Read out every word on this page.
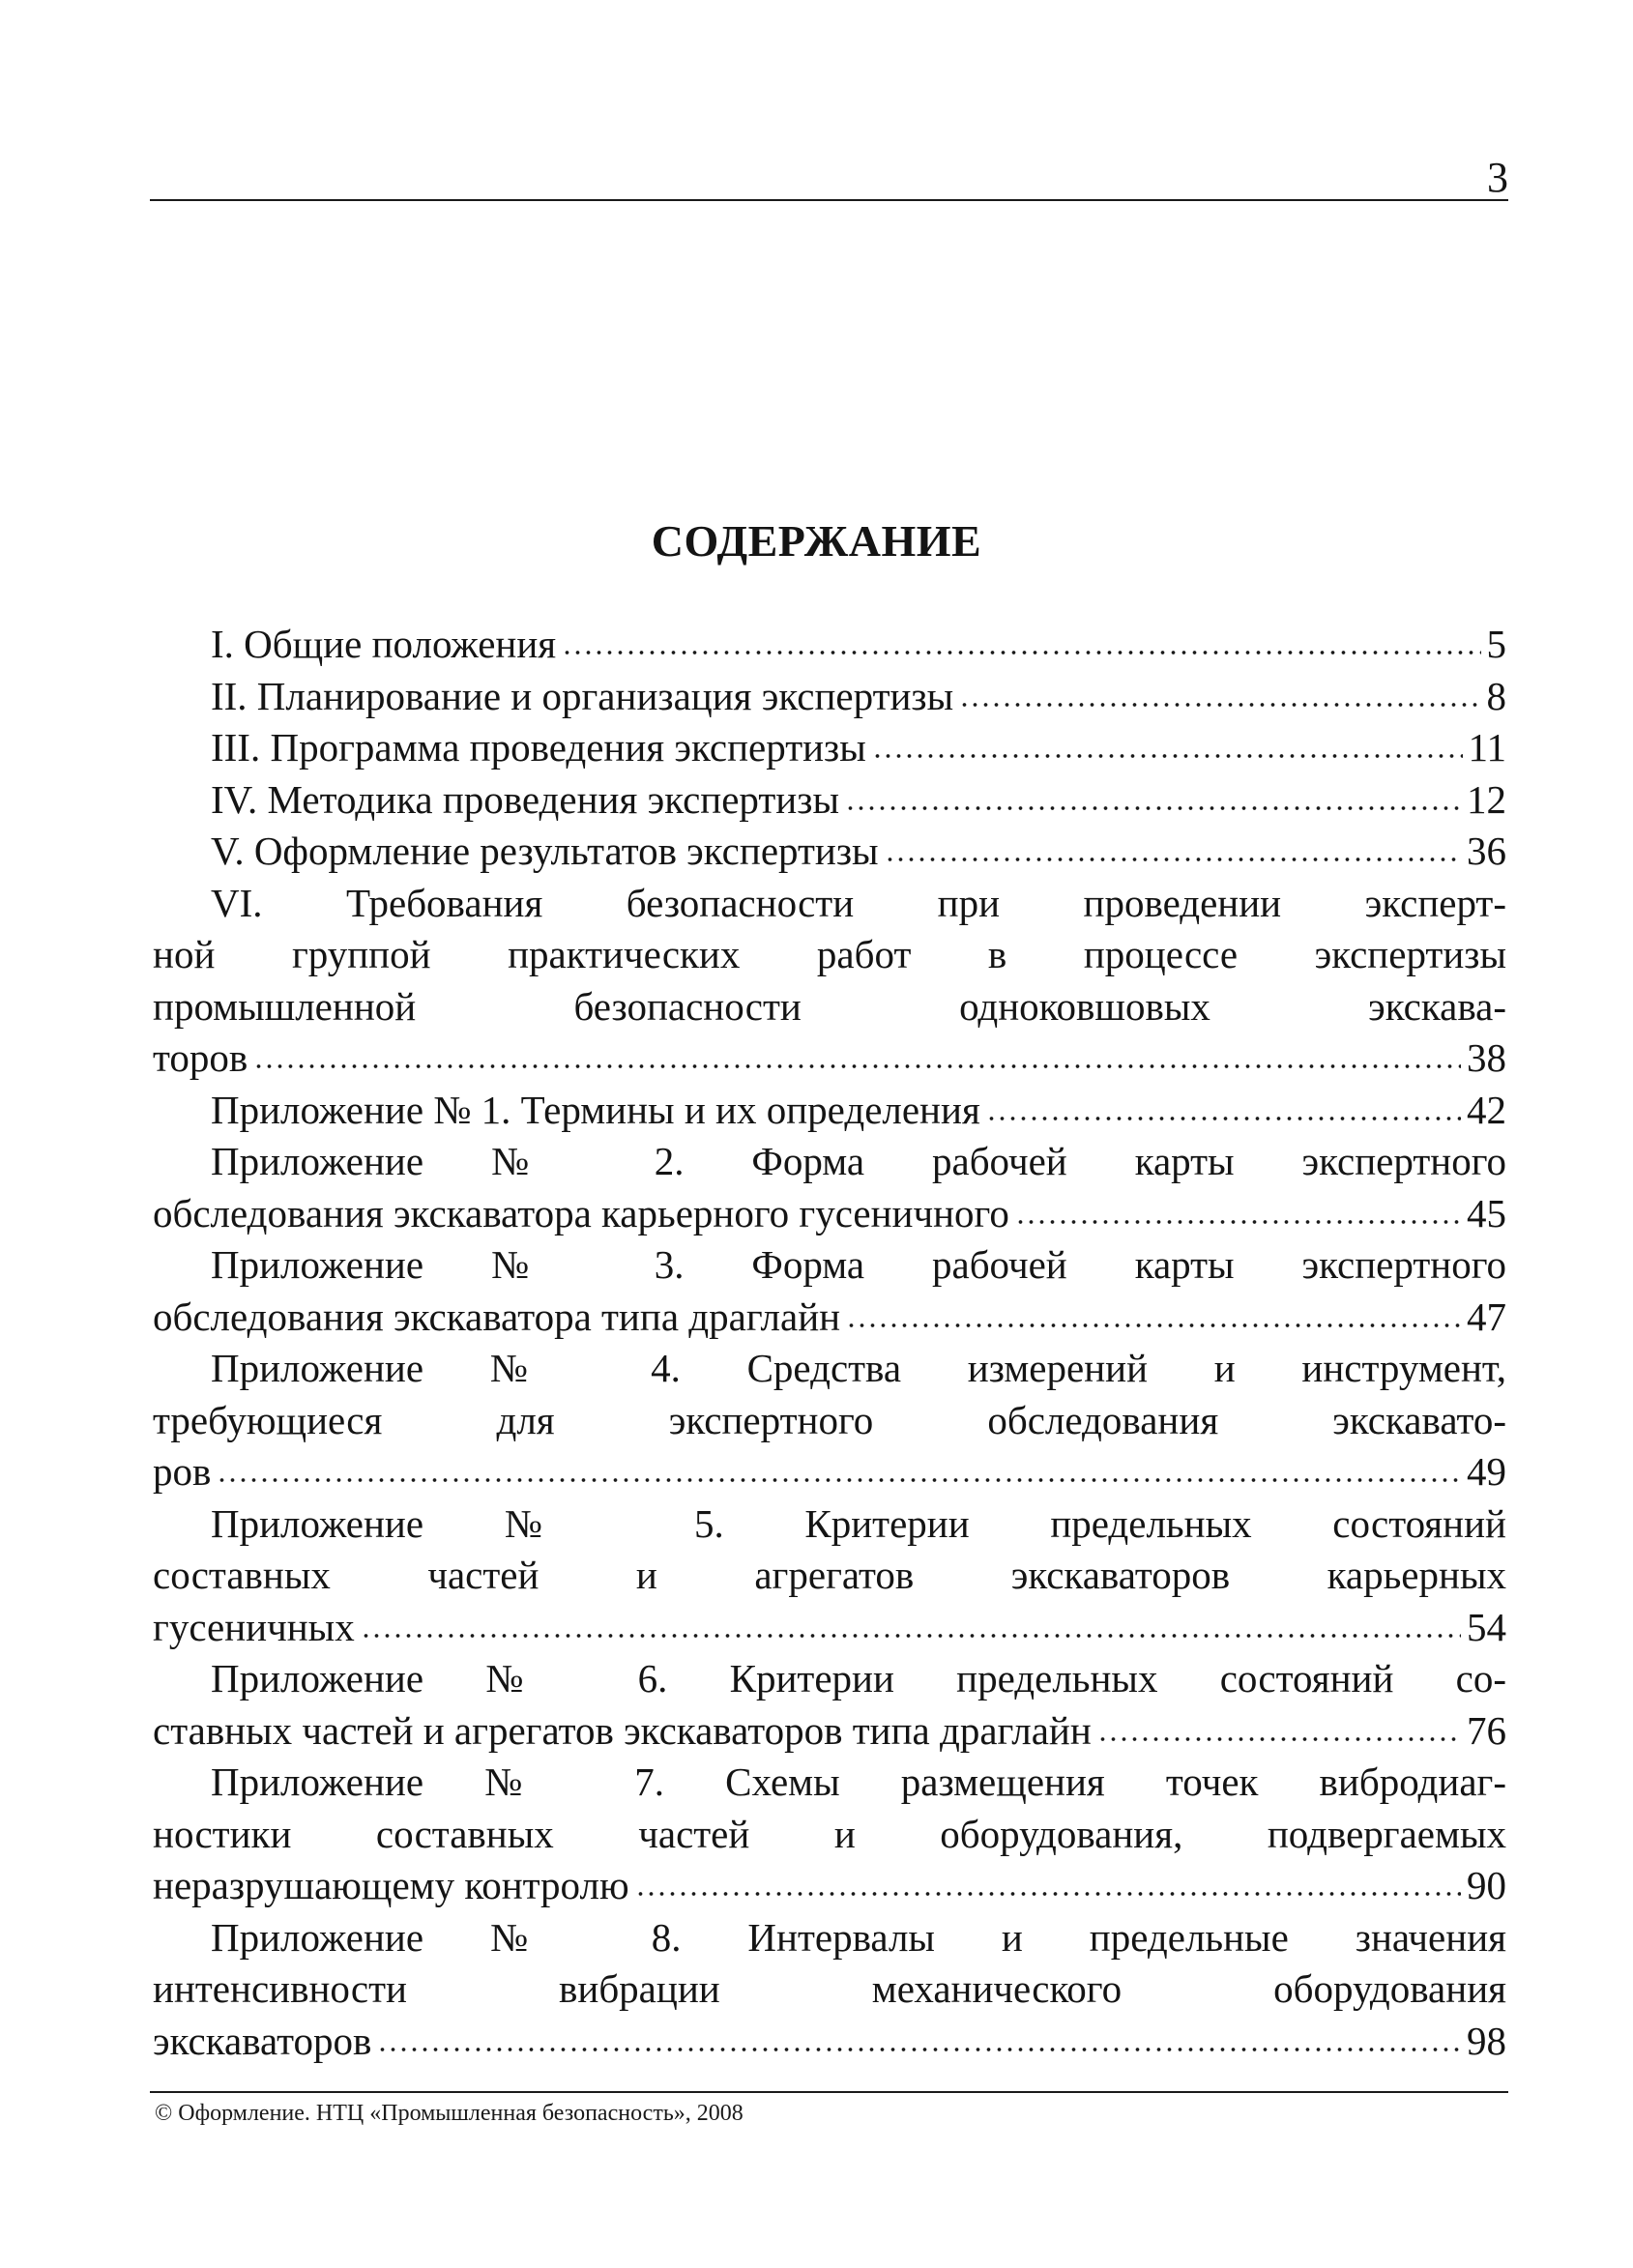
3
СОДЕРЖАНИЕ
I. Общие положения	5
II. Планирование и организация экспертизы	8
III. Программа проведения экспертизы	11
IV. Методика проведения экспертизы	12
V. Оформление результатов экспертизы	36
VI. Требования безопасности при проведении эксперт-
ной группой практических работ в процессе экспертизы
промышленной безопасности одноковшовых экскава-
торов	38
Приложение № 1. Термины и их определения	42
Приложение № 2. Форма рабочей карты экспертного
обследования экскаватора карьерного гусеничного	45
Приложение № 3. Форма рабочей карты экспертного
обследования экскаватора типа драглайн	47
Приложение № 4. Средства измерений и инструмент,
требующиеся для экспертного обследования экскавато-
ров	49
Приложение № 5. Критерии предельных состояний
составных частей и агрегатов экскаваторов карьерных
гусеничных	54
Приложение № 6. Критерии предельных состояний со-
ставных частей и агрегатов экскаваторов типа драглайн	76
Приложение № 7. Схемы размещения точек вибродиаг-
ностики составных частей и оборудования, подвергаемых
неразрушающему контролю	90
Приложение № 8. Интервалы и предельные значения
интенсивности вибрации механического оборудования
экскаваторов	98
© Оформление. НТЦ «Промышленная безопасность», 2008
